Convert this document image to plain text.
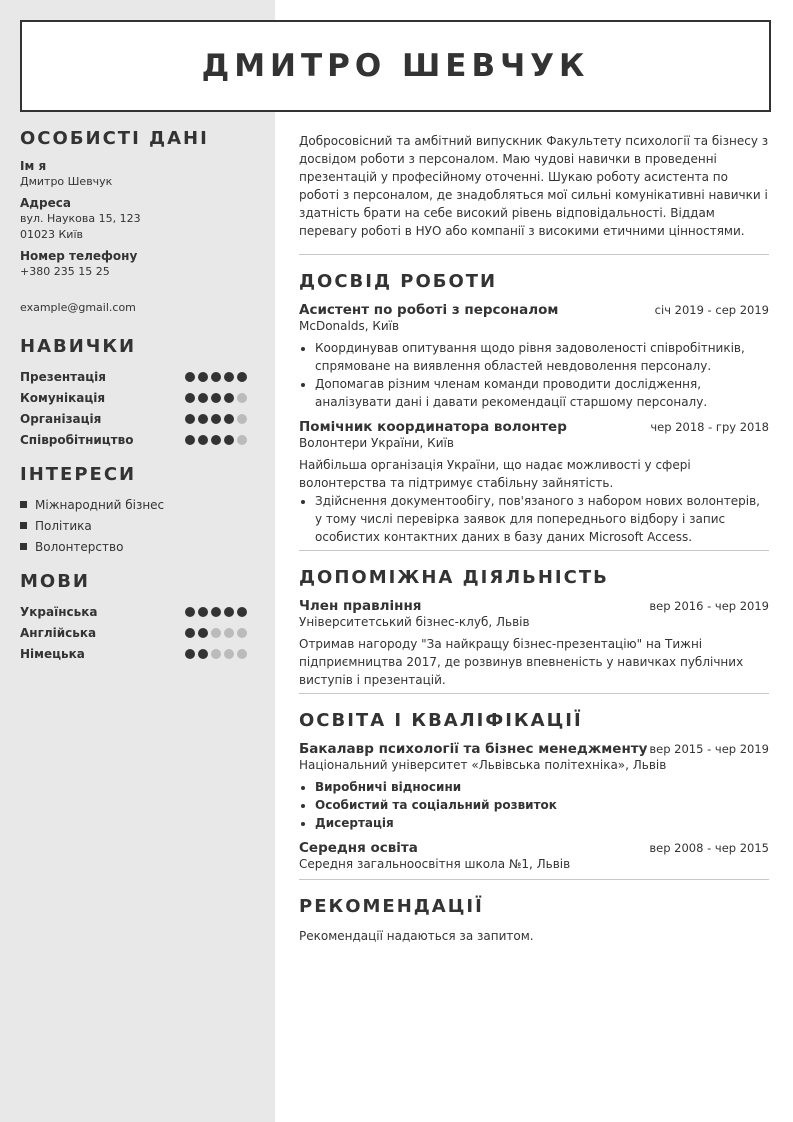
ДМИТРО ШЕВЧУК
ОСОБИСТІ ДАНІ
Ім я
Дмитро Шевчук
Адреса
вул. Наукова 15, 123
01023 Київ
Номер телефону
+380 235 15 25
example@gmail.com
НАВИЧКИ
Презентація
Комунікація
Організація
Співробітництво
ІНТЕРЕСИ
Міжнародний бізнес
Політика
Волонтерство
МОВИ
Українська
Англійська
Німецька

Добросовісний та амбітний випускник Факультету психології та бізнесу з досвідом роботи з персоналом. Маю чудові навички в проведенні презентацій у професійному оточенні. Шукаю роботу асистента по роботі з персоналом, де знадобляться мої сильні комунікативні навички і здатність брати на себе високий рівень відповідальності. Віддам перевагу роботі в НУО або компанії з високими етичними цінностями.

ДОСВІД РОБОТИ
Асистент по роботі з персоналом	січ 2019 - сер 2019
McDonalds, Київ
• Координував опитування щодо рівня задоволеності співробітників, спрямоване на виявлення областей невдоволення персоналу.
• Допомагав різним членам команди проводити дослідження, аналізувати дані і давати рекомендації старшому персоналу.
Помічник координатора волонтер	чер 2018 - гру 2018
Волонтери України, Київ

Найбільша організація України, що надає можливості у сфері волонтерства та підтримує стабільну зайнятість.

• Здійснення документообігу, пов'язаного з набором нових волонтерів, у тому числі перевірка заявок для попереднього відбору і запис особистих контактних даних в базу даних Microsoft Access.
ДОПОМІЖНА ДІЯЛЬНІСТЬ
Член правління	вер 2016 - чер 2019
Університетський бізнес-клуб, Львів

Отримав нагороду "За найкращу бізнес-презентацію" на Тижні підприємництва 2017, де розвинув впевненість у навичках публічних виступів і презентацій.

ОСВІТА І КВАЛІФІКАЦІЇ
Бакалавр психології та бізнес менеджменту вер 2015 - чер 2019
Національний університет «Львівська політехніка», Львів
• Виробничі відносини
• Особистий та соціальний розвиток
• Дисертація
Середня освіта	вер 2008 - чер 2015
Середня загальноосвітня школа №1, Львів
РЕКОМЕНДАЦІЇ

Рекомендації надаються за запитом.
